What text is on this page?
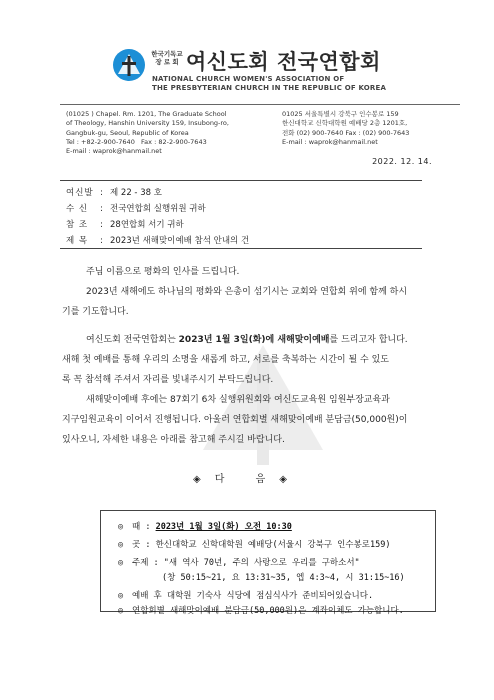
한국기독교
장 로 회 여신도회 전국연합회
NATIONAL CHURCH WOMEN'S ASSOCIATION OF
THE PRESBYTERIAN CHURCH IN THE REPUBLIC OF KOREA
(01025 ) Chapel. Rm. 1201, The Graduate School
of Theology, Hanshin University 159, Insubong-ro,
Gangbuk-gu, Seoul, Republic of Korea
Tel : +82-2-900-7640   Fax : 82-2-900-7643
E-mail : waprok@hanmail.net
01025 서울특별시 강북구 인수봉로 159
한신대학교 신학대학원 예배당 2층 1201호,
전화 (02) 900-7640 Fax : (02) 900-7643
E-mail : waprok@hanmail.net
2022. 12. 14.
여신발 : 제 22 - 38 호
수 신 : 전국연합회 실행위원 귀하
참 조 : 28연합회 서기 귀하
제 목 : 2023년 새해맞이예배 참석 안내의 건
주님 이름으로 평화의 인사를 드립니다.
2023년 새해에도 하나님의 평화와 은총이 섬기시는 교회와 연합회 위에 함께 하시
기를 기도합니다.
여신도회 전국연합회는 2023년 1월 3일(화)에 새해맞이예배를 드리고자 합니다.
새해 첫 예배를 통해 우리의 소명을 새롭게 하고, 서로를 축복하는 시간이 될 수 있도
록 꼭 참석해 주셔서 자리를 빛내주시기 부탁드립니다.
새해맞이예배 후에는 87회기 6차 실행위원회와 여신도교육원 임원부장교육과
지구임원교육이 이어서 진행됩니다. 아울러 연합회별 새해맞이예배 분담금(50,000원)이
있사오니, 자세한 내용은 아래를 참고해 주시길 바랍니다.
◈다 음◈
◎ 때 : 2023년 1월 3일(화) 오전 10:30
◎ 곳 : 한신대학교 신학대학원 예배당(서울시 강북구 인수봉로159)
◎ 주제 : "새 역사 70년, 주의 사랑으로 우리를 구하소서"
(창 50:15~21, 요 13:31~35, 엡 4:3~4, 시 31:15~16)
◎ 예배 후 대학원 기숙사 식당에 점심식사가 준비되어있습니다.
◎ 연합회별 새해맞이예배 분담금(50,000원)은 계좌이체도 가능합니다.
